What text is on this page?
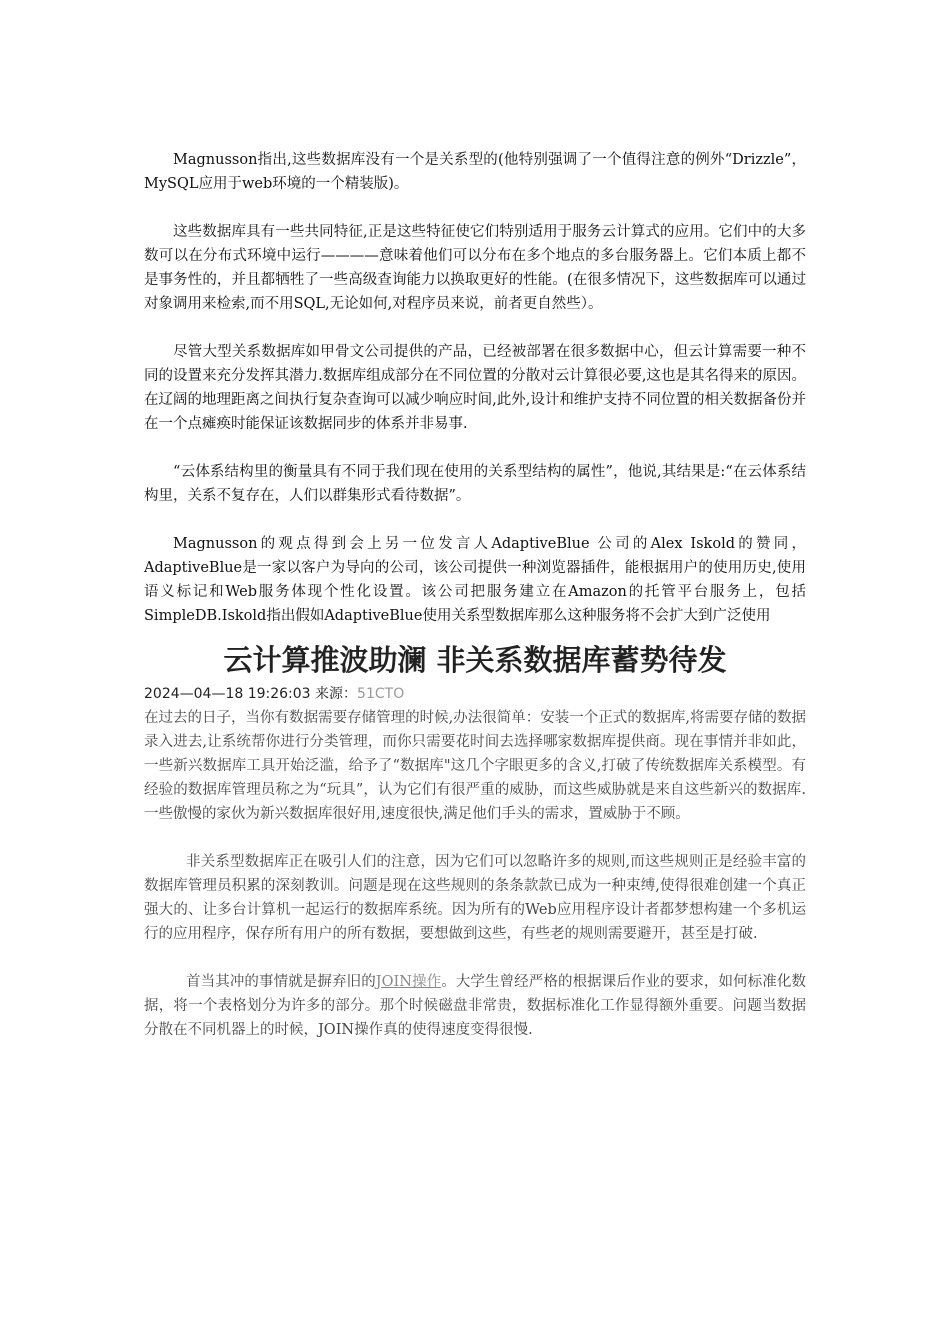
Magnusson指出,这些数据库没有一个是关系型的(他特别强调了一个值得注意的例外“Drizzle”，MySQL应用于web环境的一个精装版)。

这些数据库具有一些共同特征,正是这些特征使它们特别适用于服务云计算式的应用。它们中的大多数可以在分布式环境中运行————意味着他们可以分布在多个地点的多台服务器上。它们本质上都不是事务性的，并且都牺牲了一些高级查询能力以换取更好的性能。(在很多情况下，这些数据库可以通过对象调用来检索,而不用SQL,无论如何,对程序员来说，前者更自然些）。

尽管大型关系数据库如甲骨文公司提供的产品，已经被部署在很多数据中心，但云计算需要一种不同的设置来充分发挥其潜力.数据库组成部分在不同位置的分散对云计算很必要,这也是其名得来的原因。在辽阔的地理距离之间执行复杂查询可以减少响应时间,此外,设计和维护支持不同位置的相关数据备份并在一个点瘫痪时能保证该数据同步的体系并非易事.

“云体系结构里的衡量具有不同于我们现在使用的关系型结构的属性”，他说,其结果是:“在云体系结构里，关系不复存在，人们以群集形式看待数据”。

Magnusson的观点得到会上另一位发言人AdaptiveBlue 公司的Alex Iskold的赞同，AdaptiveBlue是一家以客户为导向的公司，该公司提供一种浏览器插件，能根据用户的使用历史,使用语义标记和Web服务体现个性化设置。该公司把服务建立在Amazon的托管平台服务上，包括SimpleDB.Iskold指出假如AdaptiveBlue使用关系型数据库那么这种服务将不会扩大到广泛使用

云计算推波助澜 非关系数据库蓄势待发
2024—04—18 19:26:03 来源：51CTO

在过去的日子，当你有数据需要存储管理的时候,办法很简单：安装一个正式的数据库,将需要存储的数据录入进去,让系统帮你进行分类管理，而你只需要花时间去选择哪家数据库提供商。现在事情并非如此，一些新兴数据库工具开始泛滥，给予了“数据库"这几个字眼更多的含义,打破了传统数据库关系模型。有经验的数据库管理员称之为“玩具”，认为它们有很严重的威胁，而这些威胁就是来自这些新兴的数据库.一些傲慢的家伙为新兴数据库很好用,速度很快,满足他们手头的需求，置威胁于不顾。

非关系型数据库正在吸引人们的注意，因为它们可以忽略许多的规则,而这些规则正是经验丰富的数据库管理员积累的深刻教训。问题是现在这些规则的条条款款已成为一种束缚,使得很难创建一个真正强大的、让多台计算机一起运行的数据库系统。因为所有的Web应用程序设计者都梦想构建一个多机运行的应用程序，保存所有用户的所有数据，要想做到这些，有些老的规则需要避开，甚至是打破.

首当其冲的事情就是摒弃旧的JOIN操作。大学生曾经严格的根据课后作业的要求，如何标准化数据，将一个表格划分为许多的部分。那个时候磁盘非常贵，数据标准化工作显得额外重要。问题当数据分散在不同机器上的时候，JOIN操作真的使得速度变得很慢.
